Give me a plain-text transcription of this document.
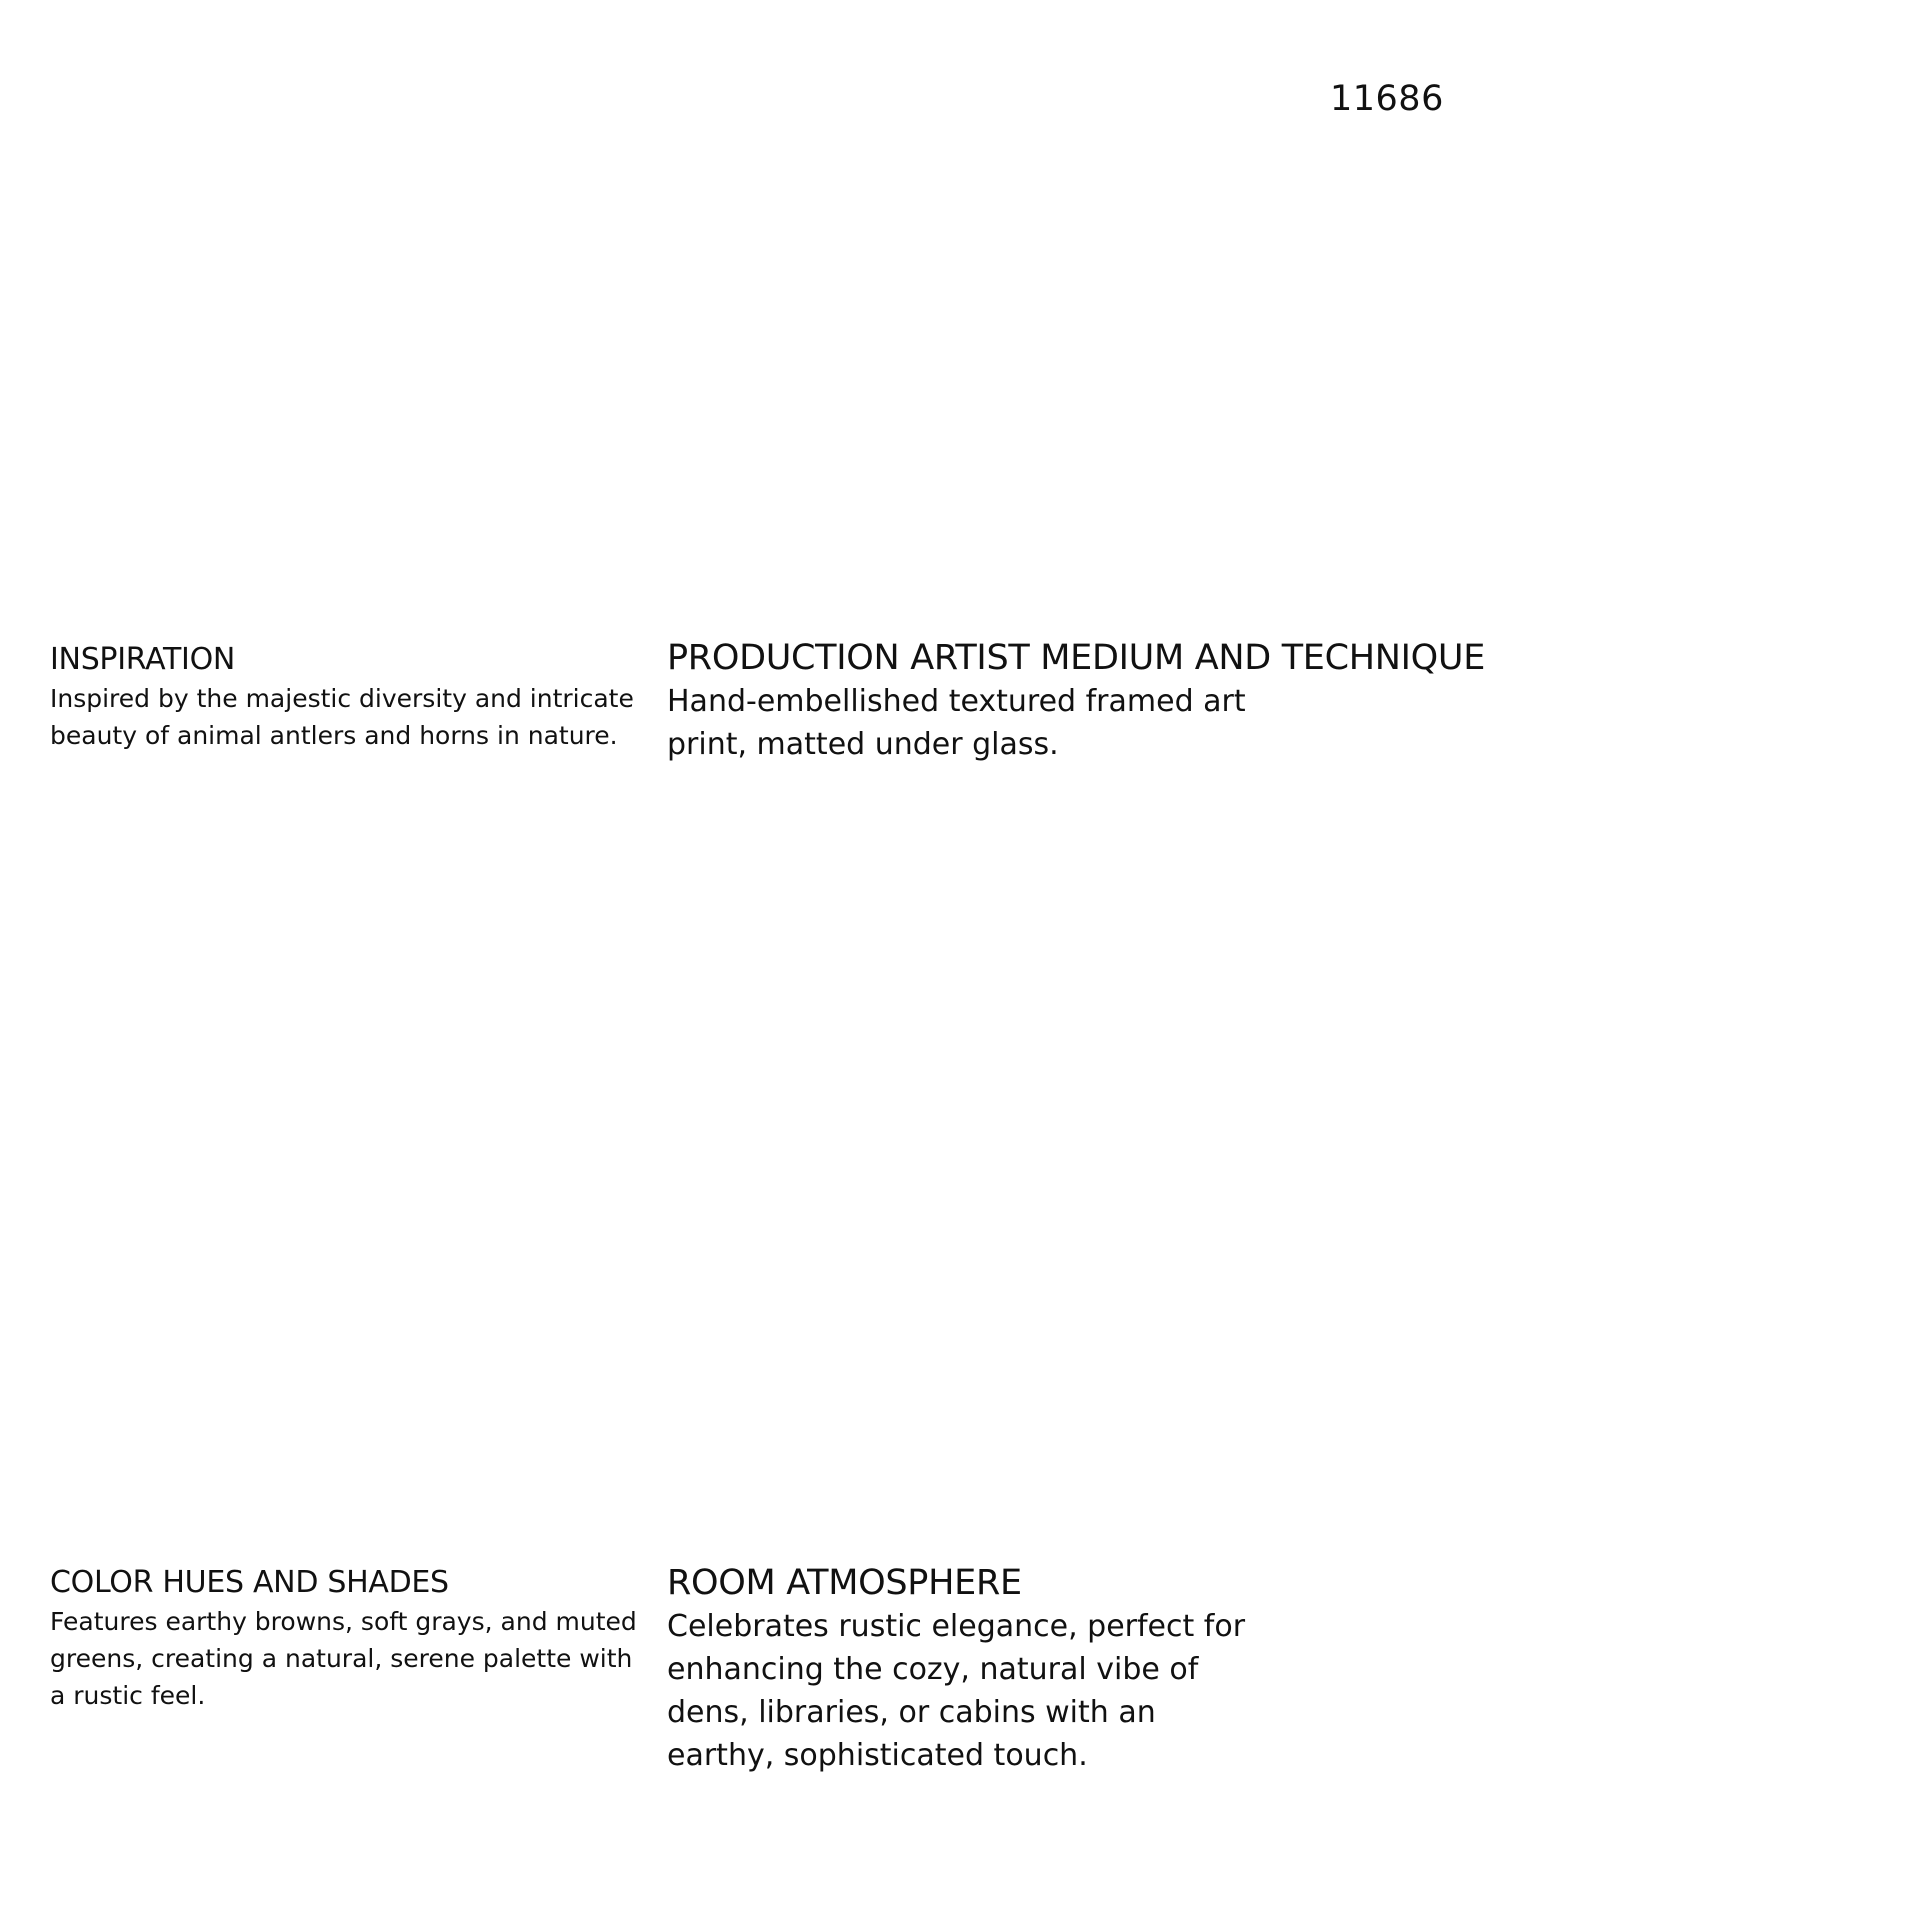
11686
INSPIRATION

Inspired by the majestic diversity and intricate beauty of animal antlers and horns in nature.

PRODUCTION ARTIST MEDIUM AND TECHNIQUE

Hand-embellished textured framed art print, matted under glass.

COLOR HUES AND SHADES

Features earthy browns, soft grays, and muted greens, creating a natural, serene palette with a rustic feel.

ROOM ATMOSPHERE

Celebrates rustic elegance, perfect for enhancing the cozy, natural vibe of dens, libraries, or cabins with an earthy, sophisticated touch.
